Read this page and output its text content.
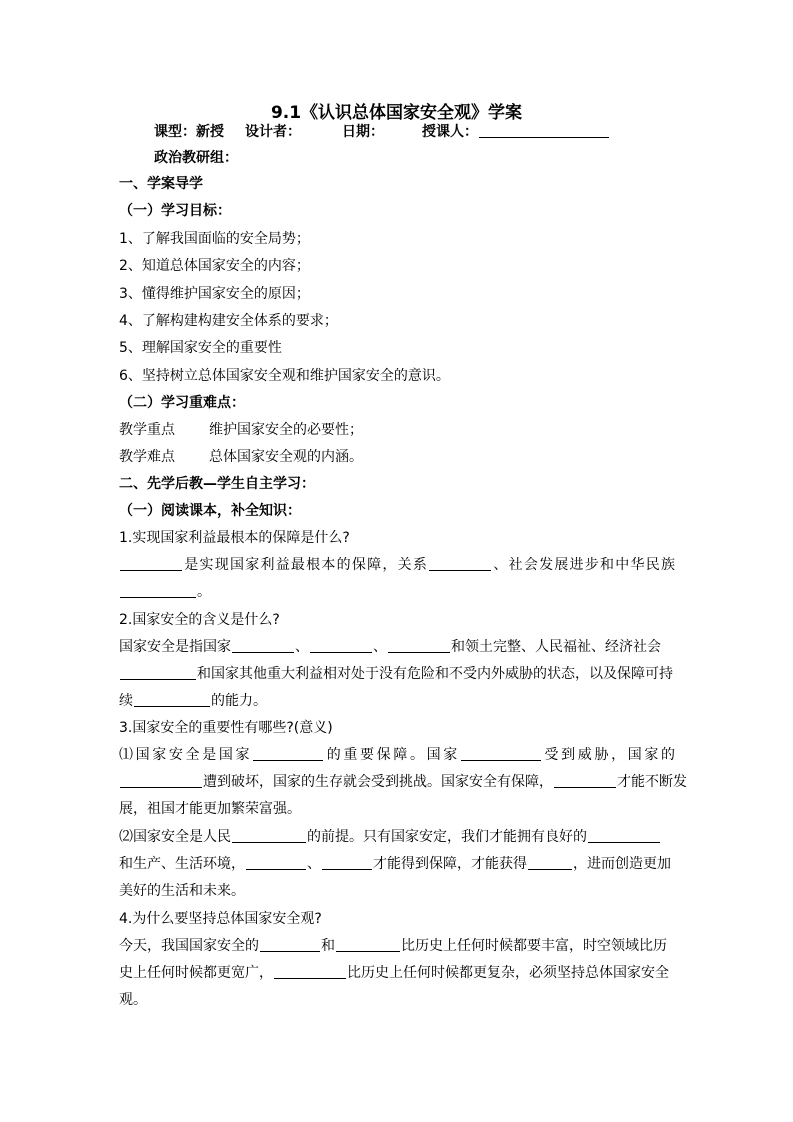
9.1《认识总体国家安全观》学案
课型：新授 设计者：	日期：	授课人：
政治教研组：
一、学案导学
（一）学习目标：
1、了解我国面临的安全局势；
2、知道总体国家安全的内容；
3、懂得维护国家安全的原因；
4、了解构建构建安全体系的要求；
5、理解国家安全的重要性
6、坚持树立总体国家安全观和维护国家安全的意识。
（二）学习重难点：
教学重点 维护国家安全的必要性；
教学难点 总体国家安全观的内涵。
二、先学后教—学生自主学习：
（一）阅读课本，补全知识：
1.实现国家利益最根本的保障是什么?
是实现国家利益最根本的保障，关系	、社会发展进步和中华民族
。
2.国家安全的含义是什么?
国家安全是指国家	、	、	和领土完整、人民福祉、经济社会
和国家其他重大利益相对处于没有危险和不受内外威胁的状态，以及保障可持
续	的能力。
3.国家安全的重要性有哪些?(意义)
⑴国家安全是国家	的重要保障。国家	受到威胁，国家的
遭到破坏，国家的生存就会受到挑战。国家安全有保障，	才能不断发
展，祖国才能更加繁荣富强。
⑵国家安全是人民	的前提。只有国家安定，我们才能拥有良好的
和生产、生活环境，	、	才能得到保障，才能获得	，进而创造更加
美好的生活和未来。
4.为什么要坚持总体国家安全观?
今天，我国国家安全的	和	比历史上任何时候都要丰富，时空领域比历
史上任何时候都更宽广，	比历史上任何时候都更复杂，必须坚持总体国家安全
观。
